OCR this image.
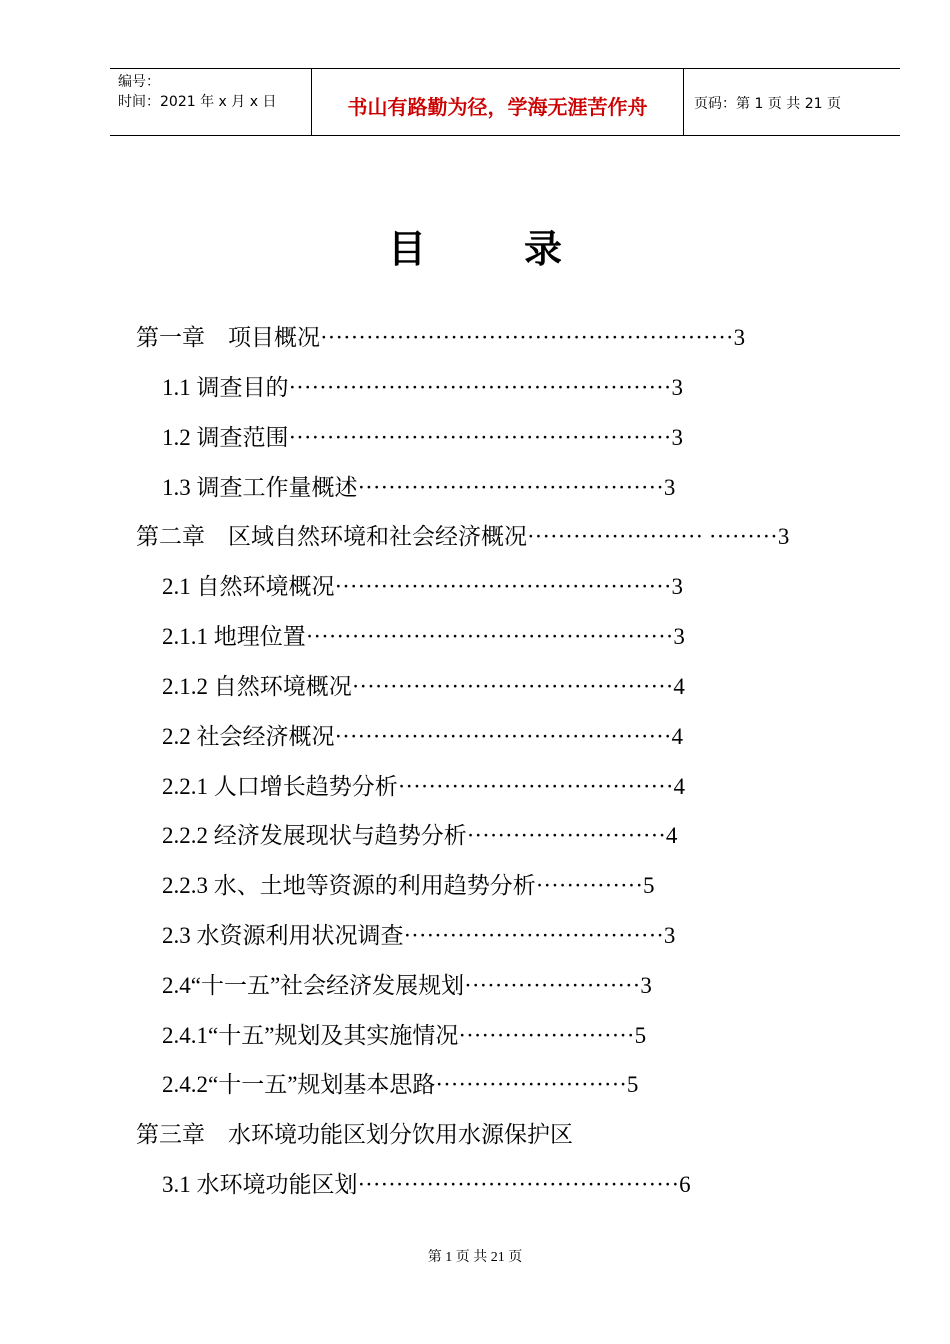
编号：
时间：2021 年 x 月 x 日	书山有路勤为径，学海无涯苦作舟	页码：第 1 页 共 21 页
目录
第一章　项目概况······················································3
1.1 调查目的··················································3
1.2 调查范围··················································3
1.3 调查工作量概述········································3
第二章　区域自然环境和社会经济概况······················· ·········3
2.1 自然环境概况············································3
2.1.1 地理位置················································3
2.1.2 自然环境概况··········································4
2.2 社会经济概况············································4
2.2.1 人口增长趋势分析····································4
2.2.2 经济发展现状与趋势分析··························4
2.2.3 水、土地等资源的利用趋势分析··············5
2.3 水资源利用状况调查··································3
2.4“十一五”社会经济发展规划·······················3
2.4.1“十五”规划及其实施情况·······················5
2.4.2“十一五”规划基本思路·························5
第三章　水环境功能区划分饮用水源保护区
3.1 水环境功能区划··········································6
第 1 页 共 21 页
